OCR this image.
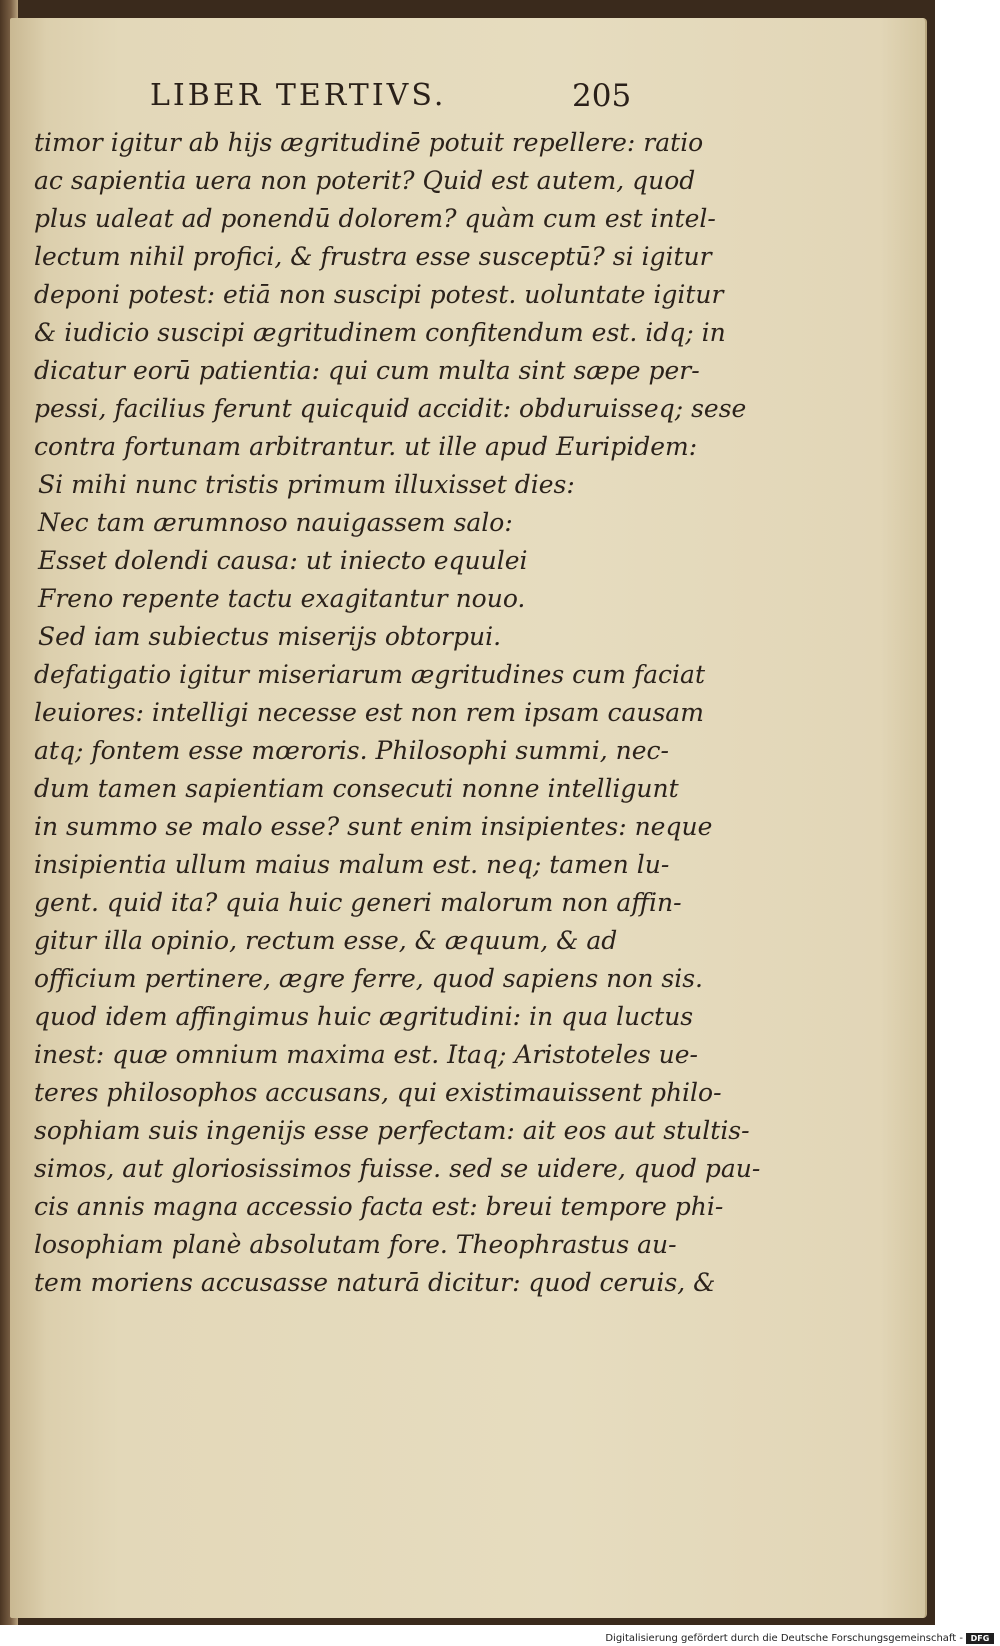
LIBER TERTIVS.	205
timor igitur ab hijs ægritudinē potuit repellere: ratio
ac sapientia uera non poterit? Quid est autem, quod
plus ualeat ad ponendū dolorem? quàm cum est intel-
lectum nihil profici, & frustra esse susceptū? si igitur
deponi potest: etiā non suscipi potest. uoluntate igitur
& iudicio suscipi ægritudinem confitendum est. idq; in
dicatur eorū patientia: qui cum multa sint sæpe per-
pessi, facilius ferunt quicquid accidit: obduruisseq; sese
contra fortunam arbitrantur. ut ille apud Euripidem:
Si mihi nunc tristis primum illuxisset dies:
Nec tam ærumnoso nauigassem salo:
Esset dolendi causa: ut iniecto equulei
Freno repente tactu exagitantur nouo.
Sed iam subiectus miserijs obtorpui.
defatigatio igitur miseriarum ægritudines cum faciat
leuiores: intelligi necesse est non rem ipsam causam
atq; fontem esse mœroris. Philosophi summi, nec-
dum tamen sapientiam consecuti nonne intelligunt
in summo se malo esse? sunt enim insipientes: neque
insipientia ullum maius malum est. neq; tamen lu-
gent. quid ita? quia huic generi malorum non affin-
gitur illa opinio, rectum esse, & æquum, & ad
officium pertinere, ægre ferre, quod sapiens non sis.
quod idem affingimus huic ægritudini: in qua luctus
inest: quæ omnium maxima est. Itaq; Aristoteles ue-
teres philosophos accusans, qui existimauissent philo-
sophiam suis ingenijs esse perfectam: ait eos aut stultis-
simos, aut gloriosissimos fuisse. sed se uidere, quod pau-
cis annis magna accessio facta est: breui tempore phi-
losophiam planè absolutam fore. Theophrastus au-
tem moriens accusasse naturā dicitur: quod ceruis, &
Digitalisierung gefördert durch die Deutsche Forschungsgemeinschaft - DFG
